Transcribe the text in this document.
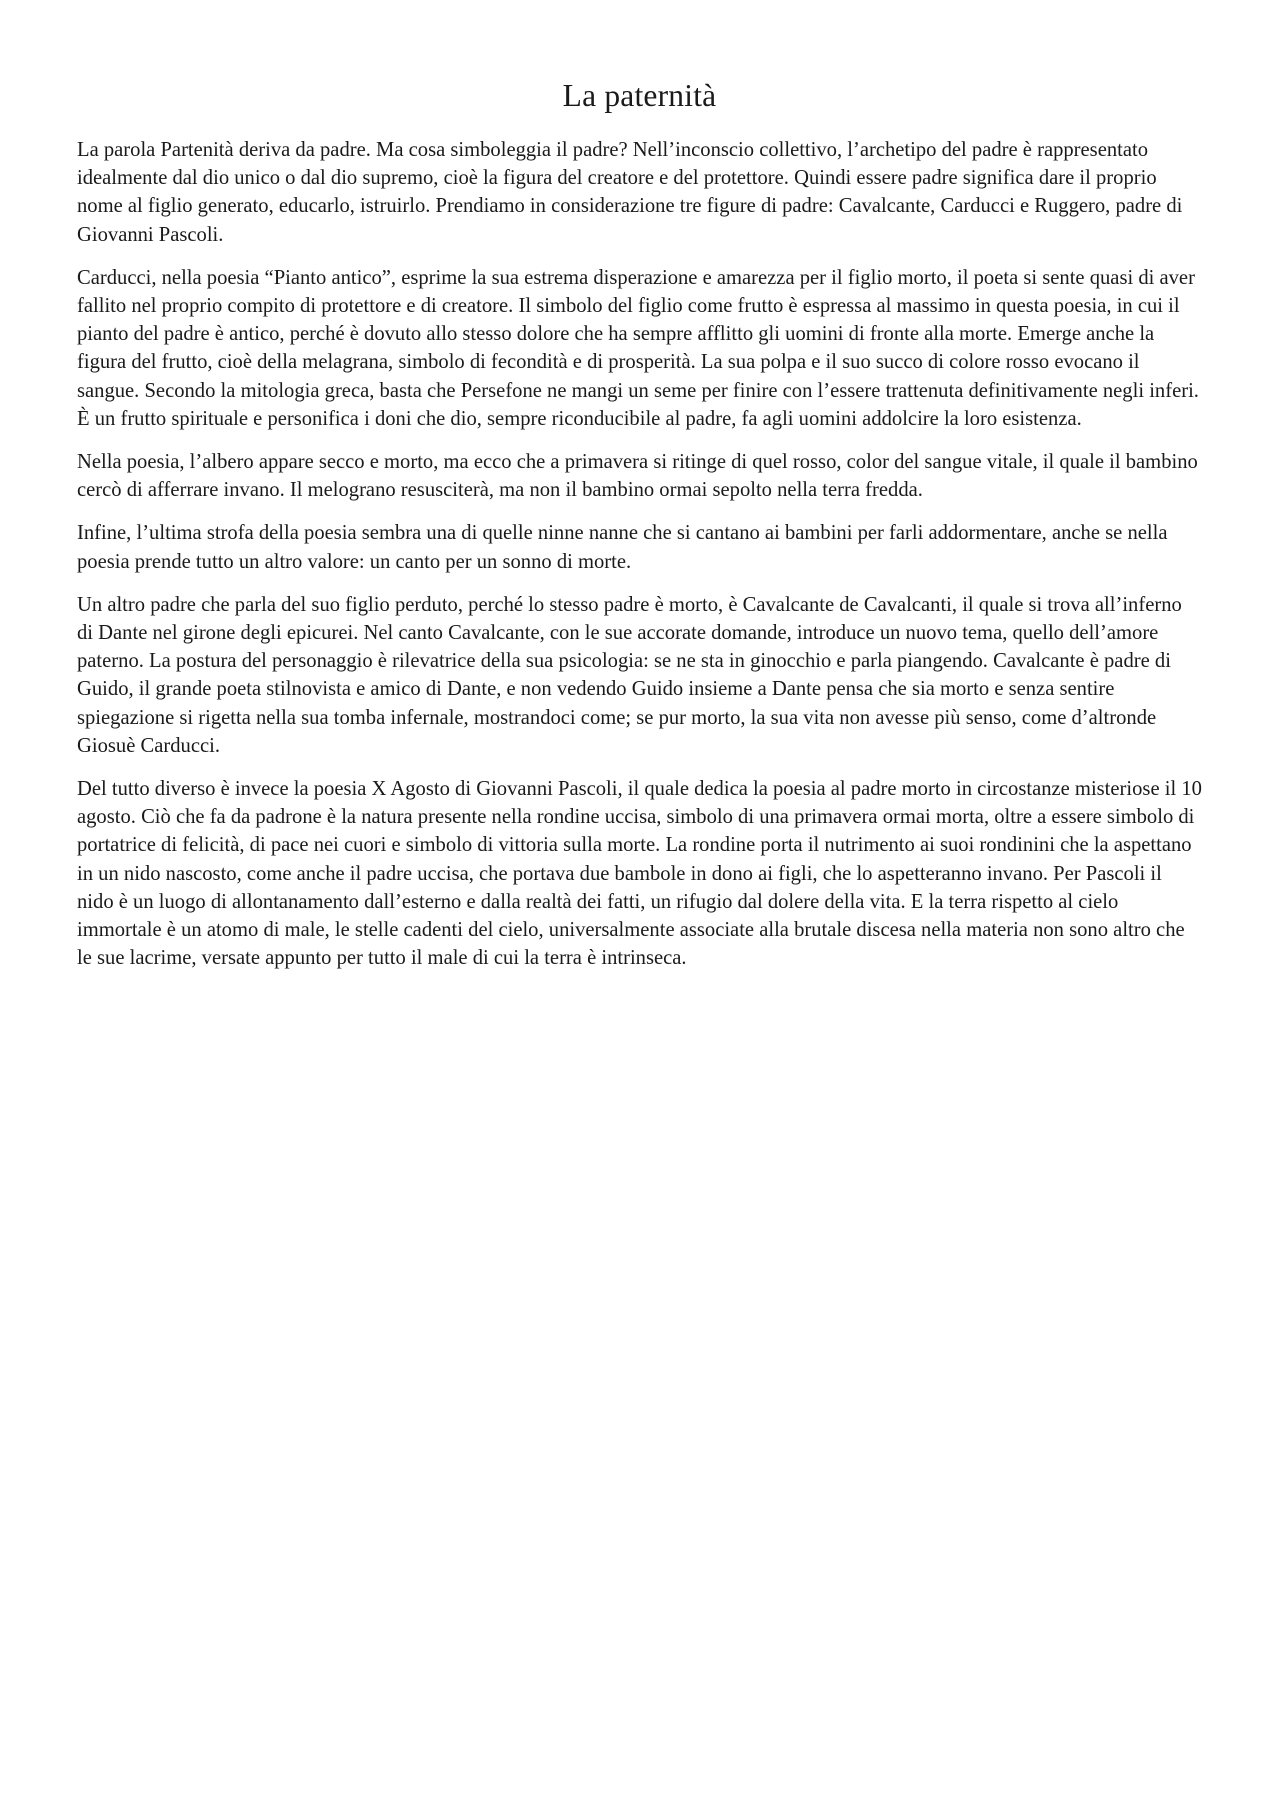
La paternità

La parola Partenità deriva da padre. Ma cosa simboleggia il padre? Nell’inconscio collettivo, l’archetipo del padre è rappresentato idealmente dal dio unico o dal dio supremo, cioè la figura del creatore e del protettore. Quindi essere padre significa dare il proprio nome al figlio generato, educarlo, istruirlo. Prendiamo in considerazione tre figure di padre: Cavalcante, Carducci e Ruggero, padre di Giovanni Pascoli.

Carducci, nella poesia “Pianto antico”, esprime la sua estrema disperazione e amarezza per il figlio morto, il poeta si sente quasi di aver fallito nel proprio compito di protettore e di creatore. Il simbolo del figlio come frutto è espressa al massimo in questa poesia, in cui il pianto del padre è antico, perché è dovuto allo stesso dolore che ha sempre afflitto gli uomini di fronte alla morte. Emerge anche la figura del frutto, cioè della melagrana, simbolo di fecondità e di prosperità. La sua polpa e il suo succo di colore rosso evocano il sangue. Secondo la mitologia greca, basta che Persefone ne mangi un seme per finire con l’essere trattenuta definitivamente negli inferi. È un frutto spirituale e personifica i doni che dio, sempre riconducibile al padre, fa agli uomini addolcire la loro esistenza.

Nella poesia, l’albero appare secco e morto, ma ecco che a primavera si ritinge di quel rosso, color del sangue vitale, il quale il bambino cercò di afferrare invano. Il melograno resusciterà, ma non il bambino ormai sepolto nella terra fredda.

Infine, l’ultima strofa della poesia sembra una di quelle ninne nanne che si cantano ai bambini per farli addormentare, anche se nella poesia prende tutto un altro valore: un canto per un sonno di morte.

Un altro padre che parla del suo figlio perduto, perché lo stesso padre è morto, è Cavalcante de Cavalcanti, il quale si trova all’inferno di Dante nel girone degli epicurei. Nel canto Cavalcante, con le sue accorate domande, introduce un nuovo tema, quello dell’amore paterno. La postura del personaggio è rilevatrice della sua psicologia: se ne sta in ginocchio e parla piangendo. Cavalcante è padre di Guido, il grande poeta stilnovista e amico di Dante, e non vedendo Guido insieme a Dante pensa che sia morto e senza sentire spiegazione si rigetta nella sua tomba infernale, mostrandoci come; se pur morto, la sua vita non avesse più senso, come d’altronde Giosuè Carducci.

Del tutto diverso è invece la poesia X Agosto di Giovanni Pascoli, il quale dedica la poesia al padre morto in circostanze misteriose il 10 agosto. Ciò che fa da padrone è la natura presente nella rondine uccisa, simbolo di una primavera ormai morta, oltre a essere simbolo di portatrice di felicità, di pace nei cuori e simbolo di vittoria sulla morte. La rondine porta il nutrimento ai suoi rondinini che la aspettano in un nido nascosto, come anche il padre uccisa, che portava due bambole in dono ai figli, che lo aspetteranno invano. Per Pascoli il nido è un luogo di allontanamento dall’esterno e dalla realtà dei fatti, un rifugio dal dolere della vita. E la terra rispetto al cielo immortale è un atomo di male, le stelle cadenti del cielo, universalmente associate alla brutale discesa nella materia non sono altro che le sue lacrime, versate appunto per tutto il male di cui la terra è intrinseca.
